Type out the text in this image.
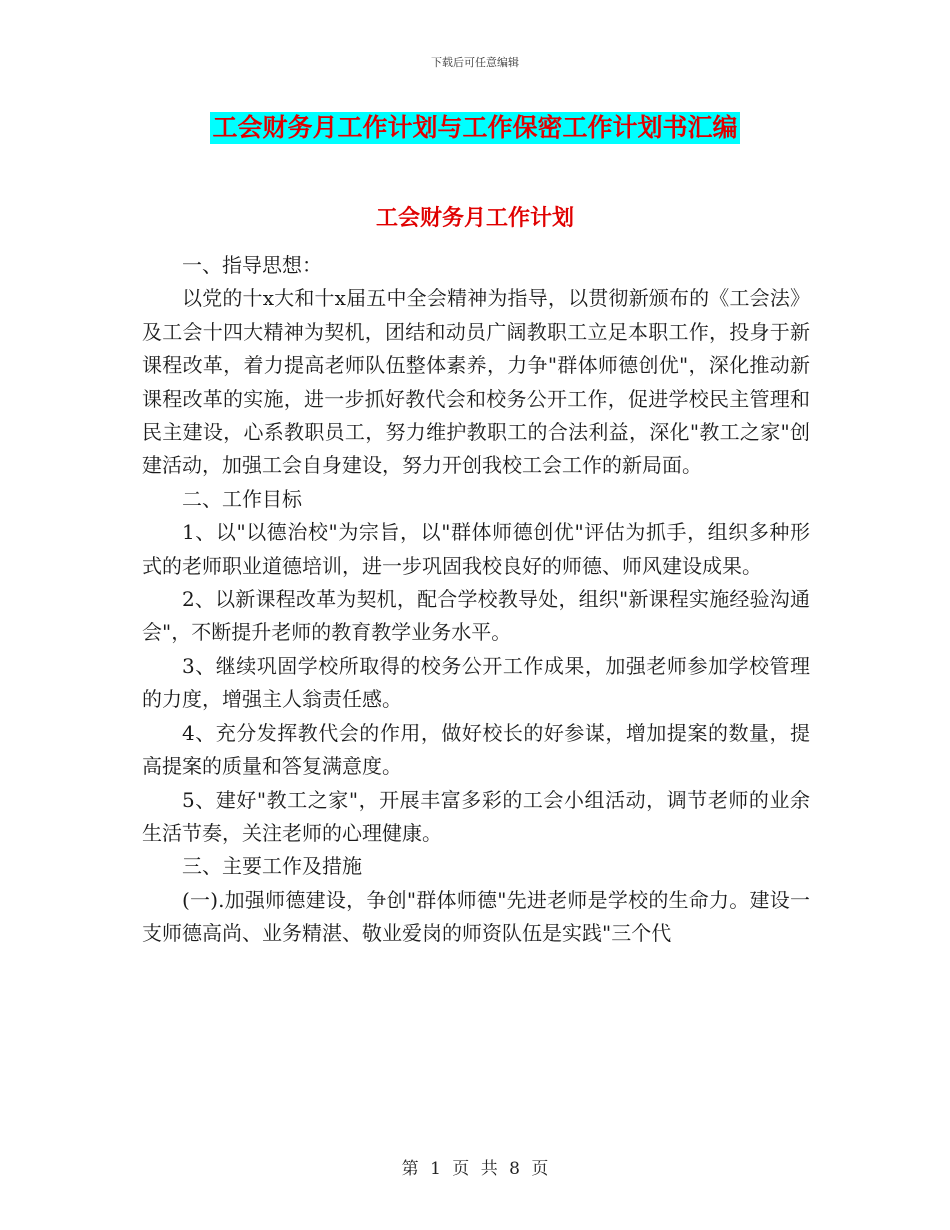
下载后可任意编辑
工会财务月工作计划与工作保密工作计划书汇编
工会财务月工作计划

一、指导思想：

以党的十x大和十x届五中全会精神为指导，以贯彻新颁布的《工会法》及工会十四大精神为契机，团结和动员广阔教职工立足本职工作，投身于新课程改革，着力提高老师队伍整体素养，力争"群体师德创优"，深化推动新课程改革的实施，进一步抓好教代会和校务公开工作，促进学校民主管理和民主建设，心系教职员工，努力维护教职工的合法利益，深化"教工之家"创建活动，加强工会自身建设，努力开创我校工会工作的新局面。

二、工作目标

1、以"以德治校"为宗旨，以"群体师德创优"评估为抓手，组织多种形式的老师职业道德培训，进一步巩固我校良好的师德、师风建设成果。

2、以新课程改革为契机，配合学校教导处，组织"新课程实施经验沟通会"，不断提升老师的教育教学业务水平。

3、继续巩固学校所取得的校务公开工作成果，加强老师参加学校管理的力度，增强主人翁责任感。

4、充分发挥教代会的作用，做好校长的好参谋，增加提案的数量，提高提案的质量和答复满意度。

5、建好"教工之家"，开展丰富多彩的工会小组活动，调节老师的业余生活节奏，关注老师的心理健康。

三、主要工作及措施

(一).加强师德建设，争创"群体师德"先进老师是学校的生命力。建设一支师德高尚、业务精湛、敬业爱岗的师资队伍是实践"三个代

第 1 页 共 8 页
